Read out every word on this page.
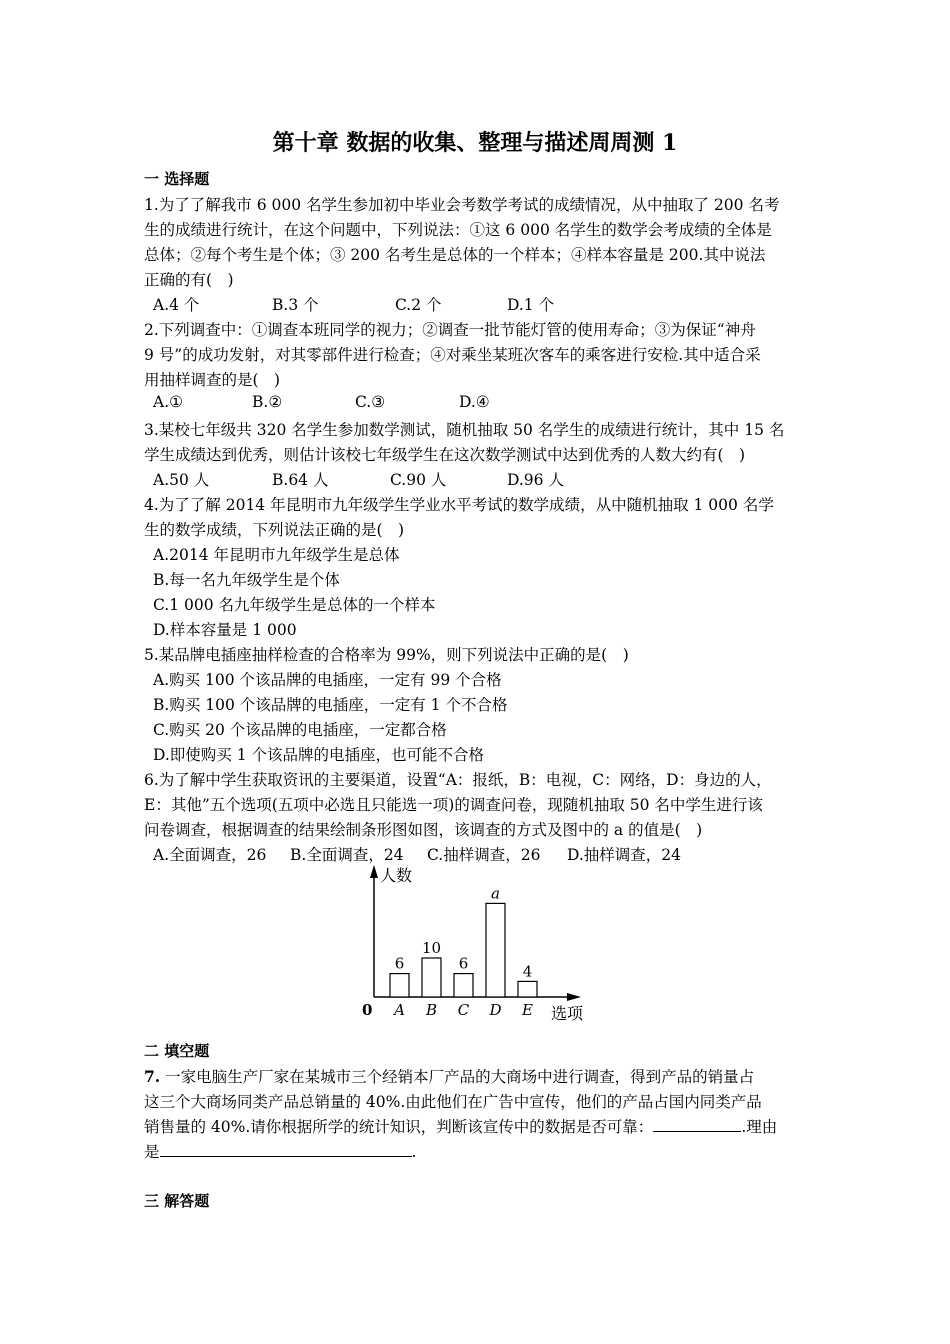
第十章 数据的收集、整理与描述周周测 1
一 选择题
1.为了了解我市 6 000 名学生参加初中毕业会考数学考试的成绩情况，从中抽取了 200 名考
生的成绩进行统计，在这个问题中，下列说法：①这 6 000 名学生的数学会考成绩的全体是
总体；②每个考生是个体；③ 200 名考生是总体的一个样本；④样本容量是 200.其中说法
正确的有(　)
A.4 个	B.3 个	C.2 个	D.1 个
2.下列调查中：①调查本班同学的视力；②调查一批节能灯管的使用寿命；③为保证“神舟
9 号”的成功发射，对其零部件进行检查；④对乘坐某班次客车的乘客进行安检.其中适合采
用抽样调查的是(　)
A.①	B.②	C.③	D.④
3.某校七年级共 320 名学生参加数学测试，随机抽取 50 名学生的成绩进行统计，其中 15 名
学生成绩达到优秀，则估计该校七年级学生在这次数学测试中达到优秀的人数大约有(　)
A.50 人	B.64 人	C.90 人	D.96 人
4.为了了解 2014 年昆明市九年级学生学业水平考试的数学成绩，从中随机抽取 1 000 名学
生的数学成绩，下列说法正确的是(　)
A.2014 年昆明市九年级学生是总体
B.每一名九年级学生是个体
C.1 000 名九年级学生是总体的一个样本
D.样本容量是 1 000
5.某品牌电插座抽样检查的合格率为 99%，则下列说法中正确的是(　)
A.购买 100 个该品牌的电插座，一定有 99 个合格
B.购买 100 个该品牌的电插座，一定有 1 个不合格
C.购买 20 个该品牌的电插座，一定都合格
D.即使购买 1 个该品牌的电插座，也可能不合格
6.为了解中学生获取资讯的主要渠道，设置“A：报纸，B：电视，C：网络，D：身边的人，
E：其他”五个选项(五项中必选且只能选一项)的调查问卷，现随机抽取 50 名中学生进行该
问卷调查，根据调查的结果绘制条形图如图，该调查的方式及图中的 a 的值是(　)
A.全面调查，26 B.全面调查，24 C.抽样调查，26 D.抽样调查，24
人数
选项
0
6
A
10
B
6
C
a
D
4
E
二 填空题
7. 一家电脑生产厂家在某城市三个经销本厂产品的大商场中进行调查，得到产品的销量占
这三个大商场同类产品总销量的 40%.由此他们在广告中宣传，他们的产品占国内同类产品
销售量的 40%.请你根据所学的统计知识，判断该宣传中的数据是否可靠：	.理由
是	.
三 解答题
